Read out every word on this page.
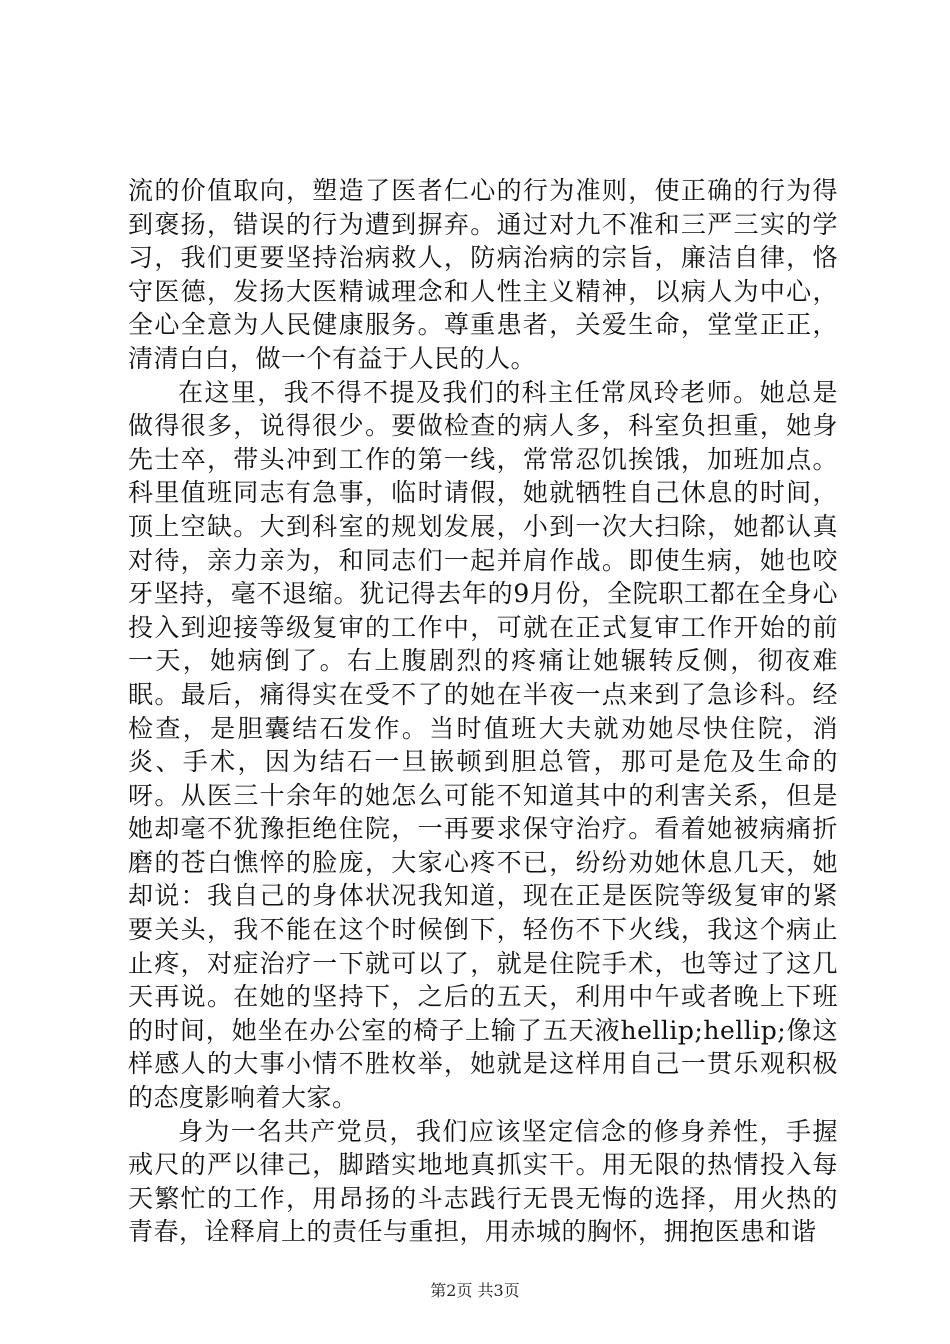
流的价值取向，塑造了医者仁心的行为准则，使正确的行为得到褒扬，错误的行为遭到摒弃。通过对九不准和三严三实的学习，我们更要坚持治病救人，防病治病的宗旨，廉洁自律，恪守医德，发扬大医精诚理念和人性主义精神，以病人为中心，全心全意为人民健康服务。尊重患者，关爱生命，堂堂正正，清清白白，做一个有益于人民的人。

在这里，我不得不提及我们的科主任常凤玲老师。她总是做得很多，说得很少。要做检查的病人多，科室负担重，她身先士卒，带头冲到工作的第一线，常常忍饥挨饿，加班加点。科里值班同志有急事，临时请假，她就牺牲自己休息的时间，顶上空缺。大到科室的规划发展，小到一次大扫除，她都认真对待，亲力亲为，和同志们一起并肩作战。即使生病，她也咬牙坚持，毫不退缩。犹记得去年的9月份，全院职工都在全身心投入到迎接等级复审的工作中，可就在正式复审工作开始的前一天，她病倒了。右上腹剧烈的疼痛让她辗转反侧，彻夜难眠。最后，痛得实在受不了的她在半夜一点来到了急诊科。经检查，是胆囊结石发作。当时值班大夫就劝她尽快住院，消炎、手术，因为结石一旦嵌顿到胆总管，那可是危及生命的呀。从医三十余年的她怎么可能不知道其中的利害关系，但是她却毫不犹豫拒绝住院，一再要求保守治疗。看着她被病痛折磨的苍白憔悴的脸庞，大家心疼不已，纷纷劝她休息几天，她却说：我自己的身体状况我知道，现在正是医院等级复审的紧要关头，我不能在这个时候倒下，轻伤不下火线，我这个病止止疼，对症治疗一下就可以了，就是住院手术，也等过了这几天再说。在她的坚持下，之后的五天，利用中午或者晚上下班的时间，她坐在办公室的椅子上输了五天液hellip;hellip;像这样感人的大事小情不胜枚举，她就是这样用自己一贯乐观积极的态度影响着大家。

身为一名共产党员，我们应该坚定信念的修身养性，手握戒尺的严以律己，脚踏实地地真抓实干。用无限的热情投入每天繁忙的工作，用昂扬的斗志践行无畏无悔的选择，用火热的青春，诠释肩上的责任与重担，用赤城的胸怀，拥抱医患和谐

第2页 共3页
